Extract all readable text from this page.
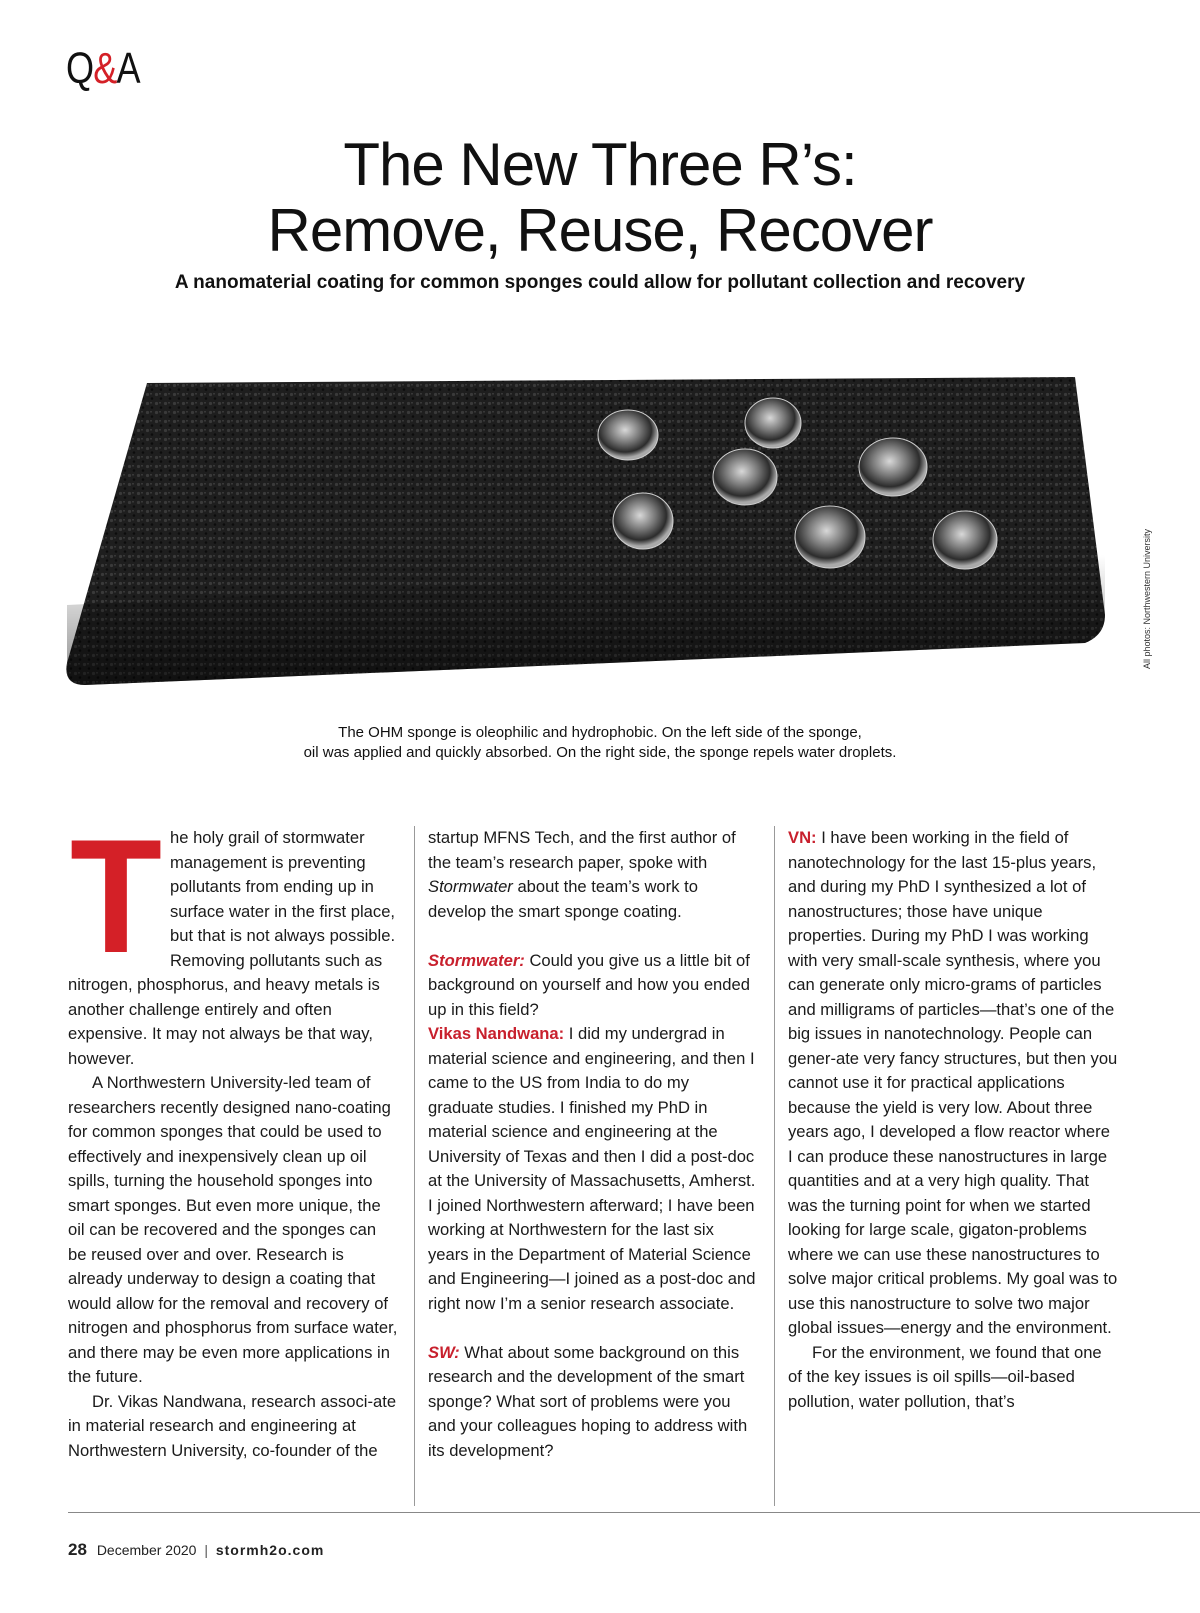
Q&A
The New Three R’s:
Remove, Reuse, Recover

A nanomaterial coating for common sponges could allow for pollutant collection and recovery

All photos: Northwestern University

The OHM sponge is oleophilic and hydrophobic. On the left side of the sponge,
oil was applied and quickly absorbed. On the right side, the sponge repels water droplets.

T he holy grail of stormwater management is preventing pollutants from ending up in surface water in the first place, but that is not always possible. Removing pollutants such as nitrogen, phosphorus, and heavy metals is another challenge entirely and often expensive. It may not always be that way, however.

A Northwestern University-led team of researchers recently designed nano-coating for common sponges that could be used to effectively and inexpensively clean up oil spills, turning the household sponges into smart sponges. But even more unique, the oil can be recovered and the sponges can be reused over and over. Research is already underway to design a coating that would allow for the removal and recovery of nitrogen and phosphorus from surface water, and there may be even more applications in the future.

Dr. Vikas Nandwana, research associ-ate in material research and engineering at Northwestern University, co-founder of the

startup MFNS Tech, and the first author of the team’s research paper, spoke with Stormwater about the team’s work to develop the smart sponge coating.

Stormwater: Could you give us a little bit of background on yourself and how you ended up in this field?

Vikas Nandwana: I did my undergrad in material science and engineering, and then I came to the US from India to do my graduate studies. I finished my PhD in material science and engineering at the University of Texas and then I did a post-doc at the University of Massachusetts, Amherst. I joined Northwestern afterward; I have been working at Northwestern for the last six years in the Department of Material Science and Engineering—I joined as a post-doc and right now I’m a senior research associate.

SW: What about some background on this research and the development of the smart sponge? What sort of problems were you and your colleagues hoping to address with its development?

VN: I have been working in the field of nanotechnology for the last 15-plus years, and during my PhD I synthesized a lot of nanostructures; those have unique properties. During my PhD I was working with very small-scale synthesis, where you can generate only micro-grams of particles and milligrams of particles—that’s one of the big issues in nanotechnology. People can gener-ate very fancy structures, but then you cannot use it for practical applications because the yield is very low. About three years ago, I developed a flow reactor where I can produce these nanostructures in large quantities and at a very high quality. That was the turning point for when we started looking for large scale, gigaton-problems where we can use these nanostructures to solve major critical problems. My goal was to use this nanostructure to solve two major global issues—energy and the environment.

For the environment, we found that one of the key issues is oil spills—oil-based pollution, water pollution, that’s

28 December 2020 | stormh2o.com
